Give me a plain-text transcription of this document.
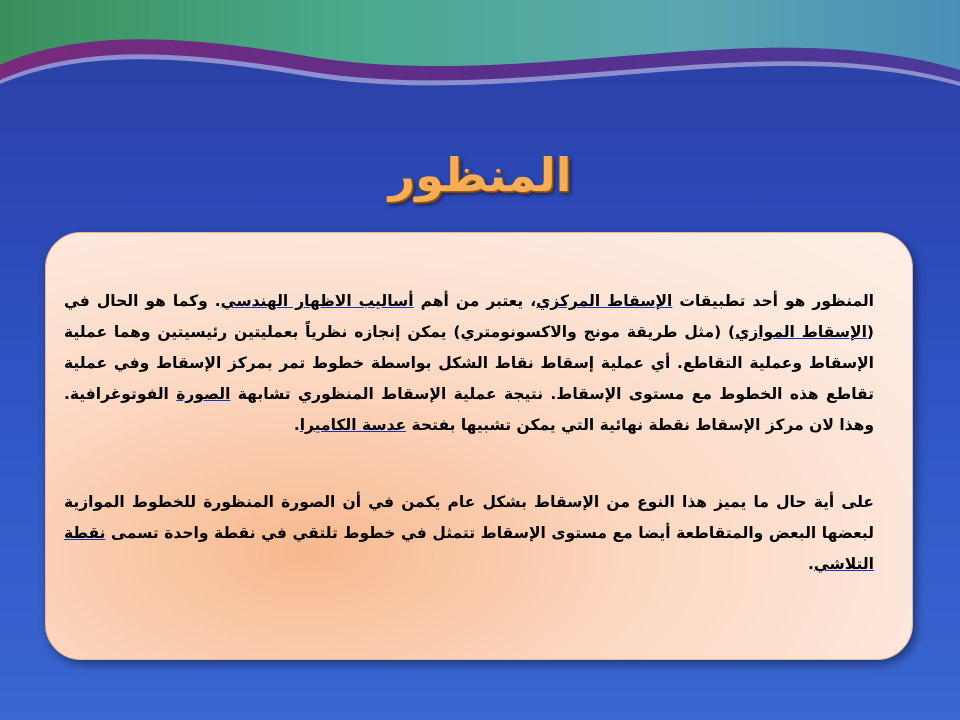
المنظور

المنظور هو أحد تطبيقات الإسقاط المركزي، يعتبر من أهم أساليب الاظهار الهندسي. وكما هو الحال في (الإسقاط الموازي) (مثل طريقة مونج والاكسونومتري) يمكن إنجازه نظرياً بعمليتين رئيسيتين وهما عملية الإسقاط وعملية التقاطع. أي عملية إسقاط نقاط الشكل بواسطة خطوط تمر بمركز الإسقاط وفي عملية تقاطع هذه الخطوط مع مستوى الإسقاط. نتيجة عملية الإسقاط المنظوري تشابهة الصورة الفوتوغرافية. وهذا لان مركز الإسقاط نقطة نهائية التي يمكن تشبيها بفتحة عدسة الكاميرا.

على أية حال ما يميز هذا النوع من الإسقاط بشكل عام يكمن في أن الصورة المنظورة للخطوط الموازية لبعضها البعض والمتقاطعة أيضا مع مستوى الإسقاط تتمثل في خطوط تلتقي في نقطة واحدة تسمى نقطة التلاشي.
